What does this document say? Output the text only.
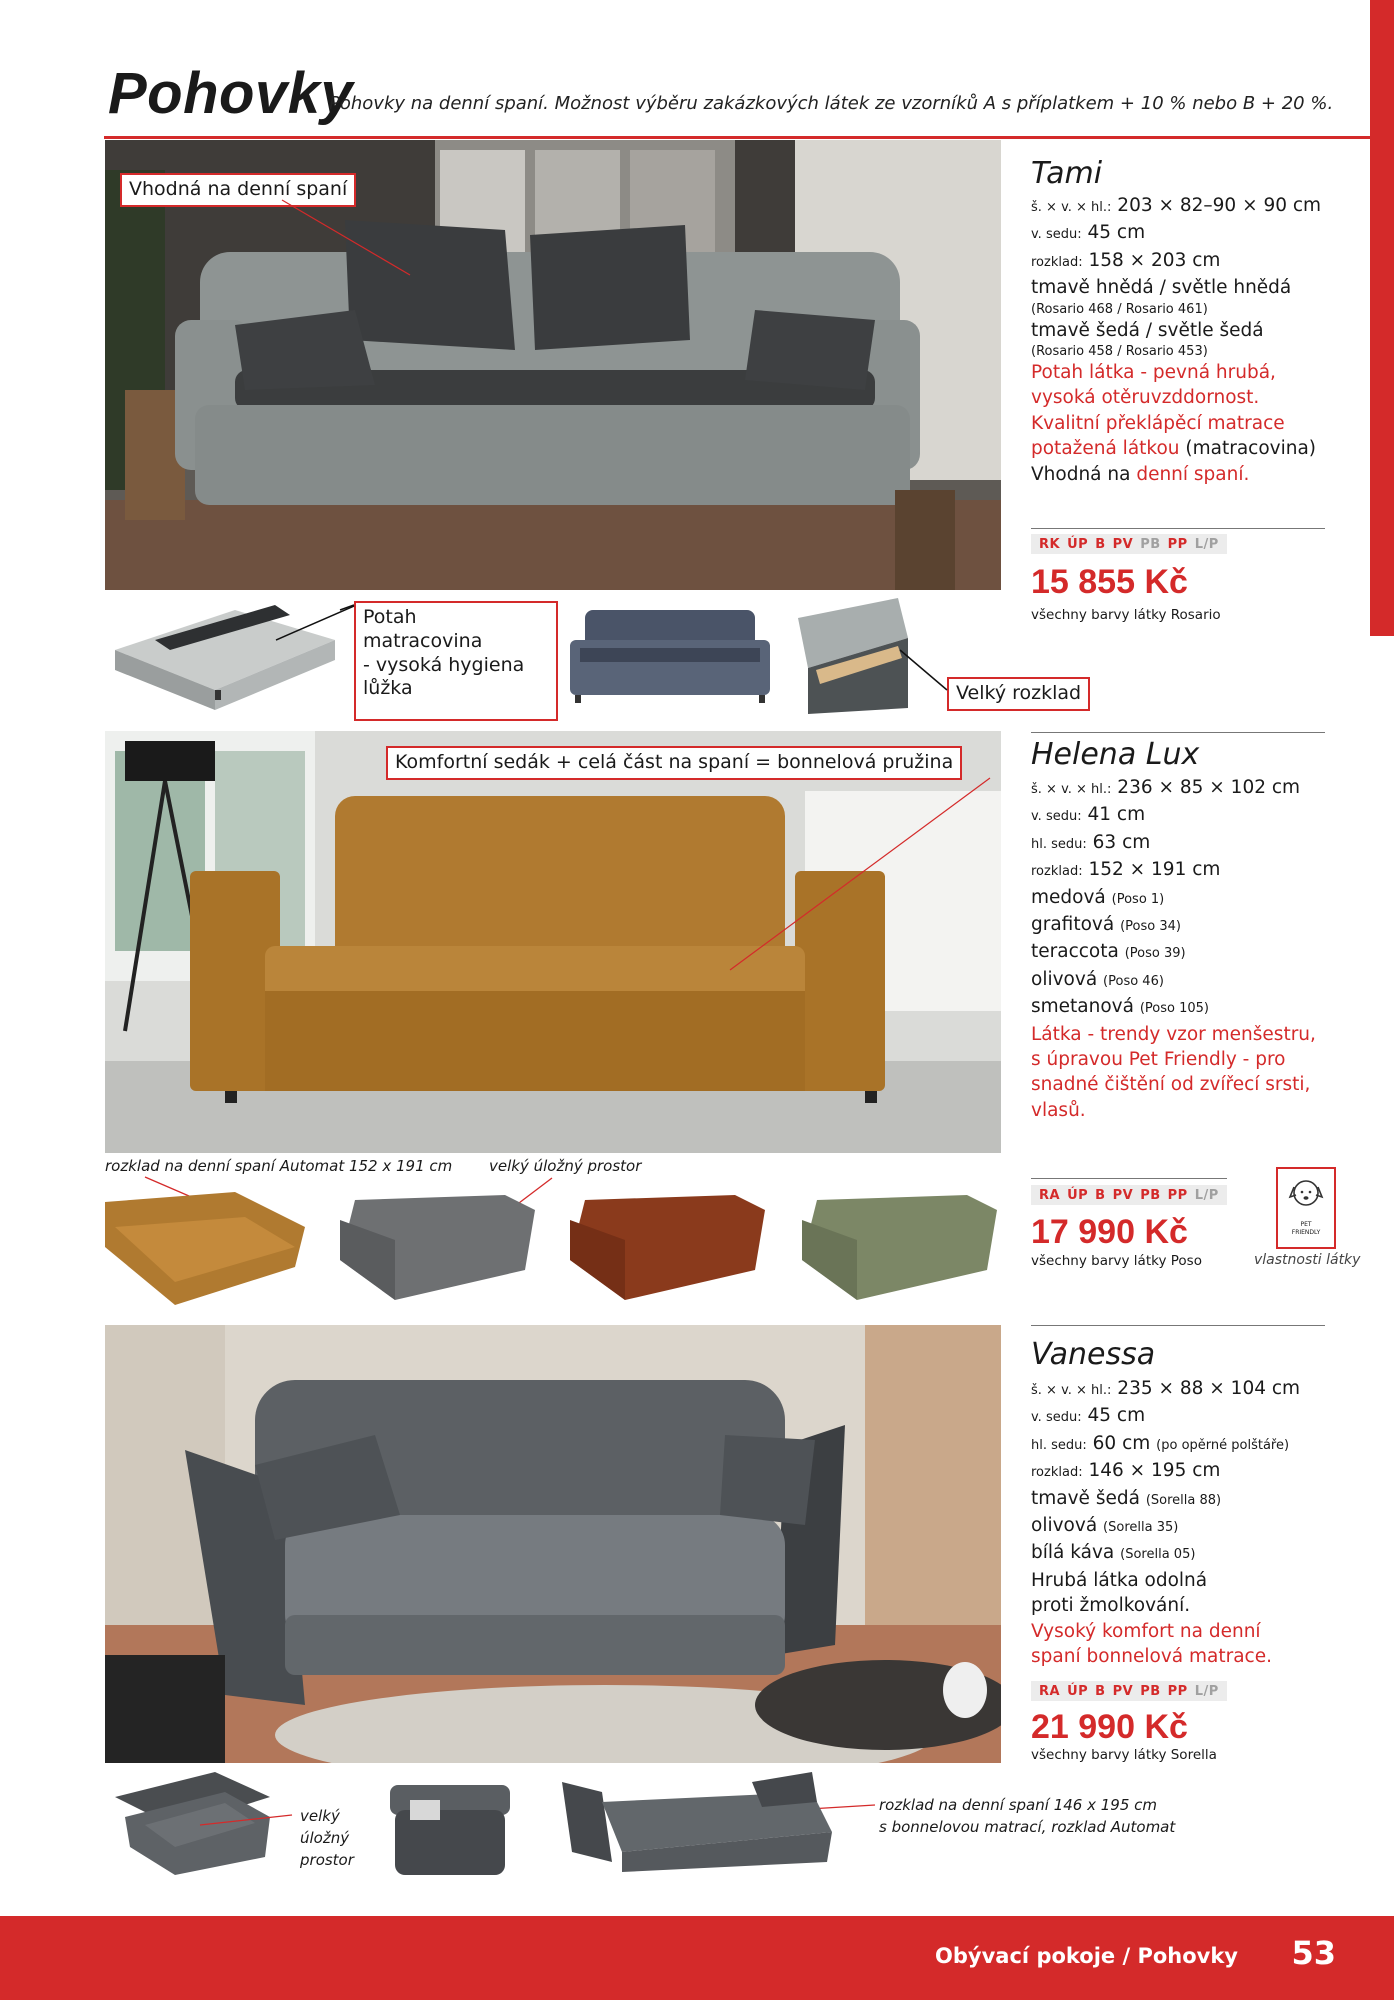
Pohovky
Pohovky na denní spaní. Možnost výběru zakázkových látek ze vzorníků A s příplatkem + 10 % nebo B + 20 %.
Vhodná na denní spaní
Potah
matracovina
- vysoká hygiena
lůžka	Velký rozklad
Tami
š. × v. × hl.: 203 × 82–90 × 90 cm
v. sedu: 45 cm
rozklad: 158 × 203 cm
tmavě hnědá / světle hnědá
(Rosario 468 / Rosario 461)
tmavě šedá / světle šedá
(Rosario 458 / Rosario 453)
Potah látka - pevná hrubá,
vysoká otěruvzddornost.
Kvalitní překlápěcí matrace
potažená látkou (matracovina)
Vhodná na denní spaní.
RK ÚP B PV PB PP L/P
15 855 Kč
všechny barvy látky Rosario
Komfortní sedák + celá část na spaní = bonnelová pružina
rozklad na denní spaní Automat 152 x 191 cm velký úložný prostor
Helena Lux
š. × v. × hl.: 236 × 85 × 102 cm
v. sedu: 41 cm
hl. sedu: 63 cm
rozklad: 152 × 191 cm
medová (Poso 1)
grafitová (Poso 34)
teraccota (Poso 39)
olivová (Poso 46)
smetanová (Poso 105)
Látka - trendy vzor menšestru,
s úpravou Pet Friendly - pro
snadné čištění od zvířecí srsti,
vlasů.
RA ÚP B PV PB PP L/P
17 990 Kč
všechny barvy látky Poso
PET
FRIENDLY
vlastnosti látky
Vanessa
š. × v. × hl.: 235 × 88 × 104 cm
v. sedu: 45 cm
hl. sedu: 60 cm (po opěrné polštáře)
rozklad: 146 × 195 cm
tmavě šedá (Sorella 88)
olivová (Sorella 35)
bílá káva (Sorella 05)
Hrubá látka odolná
proti žmolkování.
Vysoký komfort na denní
spaní bonnelová matrace.
RA ÚP B PV PB PP L/P
21 990 Kč
všechny barvy látky Sorella
velký
úložný
prostor
rozklad na denní spaní 146 x 195 cm
s bonnelovou matrací, rozklad Automat
Obývací pokoje / Pohovky 53
